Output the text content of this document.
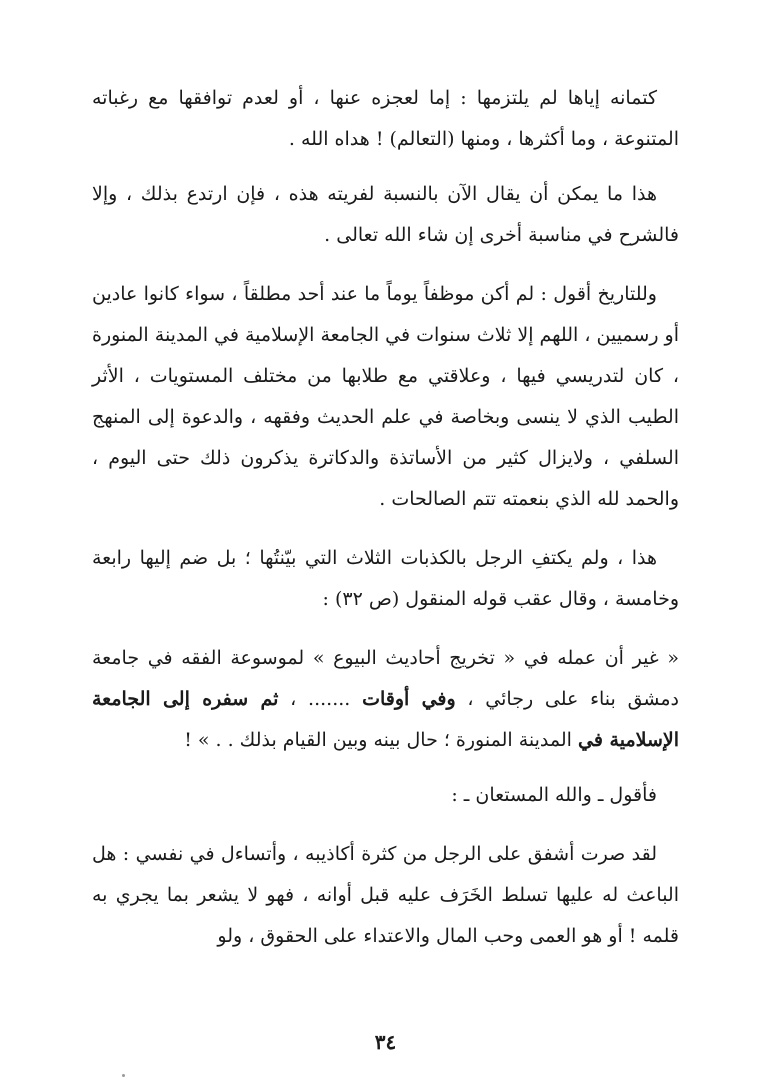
كتمانه إياها لم يلتزمها : إما لعجزه عنها ، أو لعدم توافقها مع رغباته المتنوعة ، وما أكثرها ، ومنها (التعالم) ! هداه الله .

هذا ما يمكن أن يقال الآن بالنسبة لفريته هذه ، فإن ارتدع بذلك ، وإلا فالشرح في مناسبة أخرى إن شاء الله تعالى .

وللتاريخ أقول : لم أكن موظفاً يوماً ما عند أحد مطلقاً ، سواء كانوا عادين أو رسميين ، اللهم إلا ثلاث سنوات في الجامعة الإسلامية في المدينة المنورة ، كان لتدريسي فيها ، وعلاقتي مع طلابها من مختلف المستويات ، الأثر الطيب الذي لا ينسى وبخاصة في علم الحديث وفقهه ، والدعوة إلى المنهج السلفي ، ولايزال كثير من الأساتذة والدكاترة يذكرون ذلك حتى اليوم ، والحمد لله الذي بنعمته تتم الصالحات .

هذا ، ولم يكتفِ الرجل بالكذبات الثلاث التي بيّنتُها ؛ بل ضم إليها رابعة وخامسة ، وقال عقب قوله المنقول (ص ٣٢) :

« غير أن عمله في « تخريج أحاديث البيوع » لموسوعة الفقه في جامعة دمشق بناء على رجائي ، وفي أوقات ....... ، ثم سفره إلى الجامعة الإسلامية في المدينة المنورة ؛ حال بينه وبين القيام بذلك . . » !

فأقول ـ والله المستعان ـ :

لقد صرت أشفق على الرجل من كثرة أكاذيبه ، وأتساءل في نفسي : هل الباعث له عليها تسلط الخَرَف عليه قبل أوانه ، فهو لا يشعر بما يجري به قلمه ! أو هو العمى وحب المال والاعتداء على الحقوق ، ولو

٣٤
